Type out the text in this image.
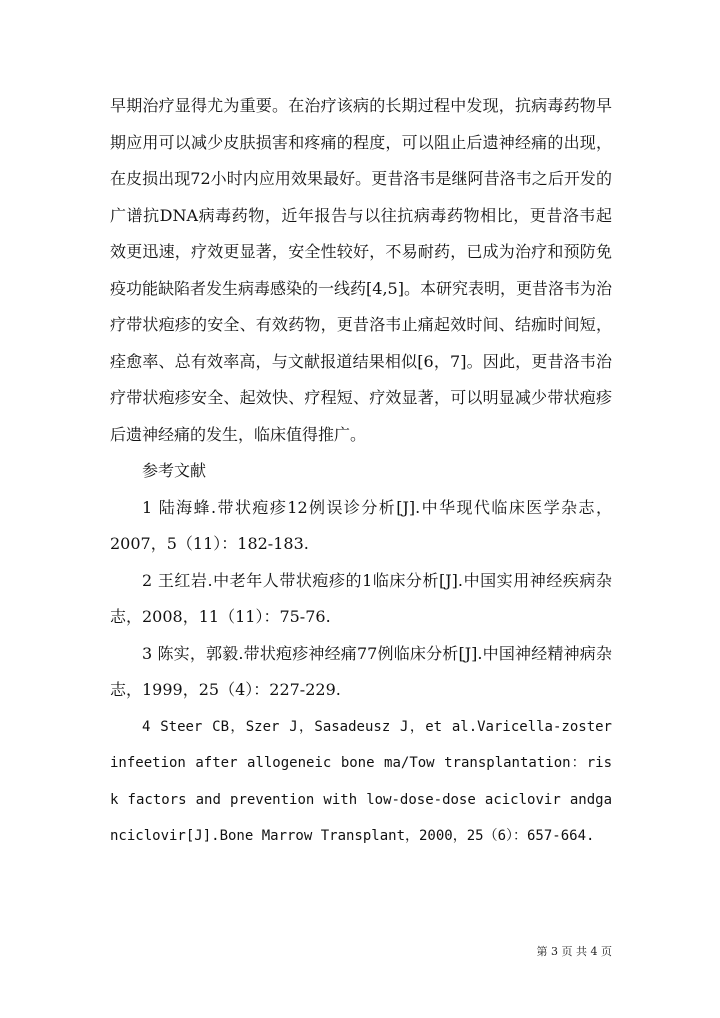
早期治疗显得尤为重要。在治疗该病的长期过程中发现，抗病毒药物早期应用可以减少皮肤损害和疼痛的程度，可以阻止后遗神经痛的出现，在皮损出现72小时内应用效果最好。更昔洛韦是继阿昔洛韦之后开发的广谱抗DNA病毒药物，近年报告与以往抗病毒药物相比，更昔洛韦起效更迅速，疗效更显著，安全性较好，不易耐药，已成为治疗和预防免疫功能缺陷者发生病毒感染的一线药[4,5]。本研究表明，更昔洛韦为治疗带状疱疹的安全、有效药物，更昔洛韦止痛起效时间、结痂时间短，痊愈率、总有效率高，与文献报道结果相似[6，7]。因此，更昔洛韦治疗带状疱疹安全、起效快、疗程短、疗效显著，可以明显减少带状疱疹后遗神经痛的发生，临床值得推广。

参考文献

1 陆海蜂.带状疱疹12例误诊分析[J].中华现代临床医学杂志，2007，5（11）：182-183.

2 王红岩.中老年人带状疱疹的1临床分析[J].中国实用神经疾病杂志，2008，11（11）：75-76.

3 陈实，郭毅.带状疱疹神经痛77例临床分析[J].中国神经精神病杂志，1999，25（4）：227-229.

4 Steer CB，Szer J，Sasadeusz J，et al.Varicella-zoster infeetion after allogeneic bone ma/Tow transplantation：risk factors and prevention with low-dose-dose aciclovir andganciclovir[J].Bone Marrow Transplant，2000，25（6）：657-664.

第 3 页 共 4 页
